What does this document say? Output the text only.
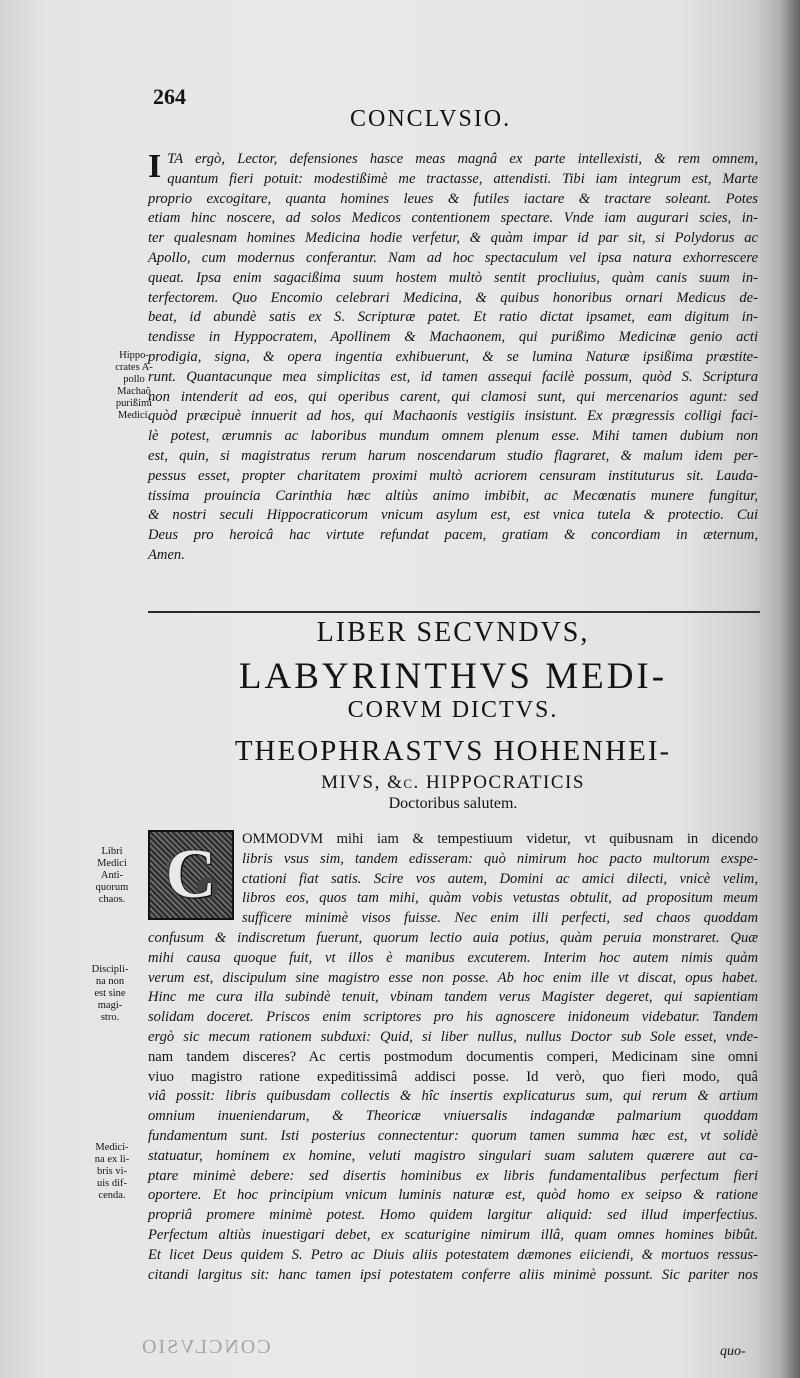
264
CONCLVSIO.
I TA ergò, Lector, defensiones hasce meas magnâ ex parte intellexisti, & rem omnem,
quantum fieri potuit: modestißimè me tractasse, attendisti. Tibi iam integrum est, Marte
proprio excogitare, quanta homines leues & futiles iactare & tractare soleant. Potes
etiam hinc noscere, ad solos Medicos contentionem spectare. Vnde iam augurari scies, in-
ter qualesnam homines Medicina hodie verfetur, & quàm impar id par sit, si Polydorus ac
Apollo, cum modernus conferantur. Nam ad hoc spectaculum vel ipsa natura exhorrescere
queat. Ipsa enim sagacißima suum hostem multò sentit procliuius, quàm canis suum in-
terfectorem. Quo Encomio celebrari Medicina, & quibus honoribus ornari Medicus de-
beat, id abundè satis ex S. Scripturæ patet. Et ratio dictat ipsamet, eam digitum in-
tendisse in Hyppocratem, Apollinem & Machaonem, qui purißimo Medicinæ genio acti
prodigia, signa, & opera ingentia exhibuerunt, & se lumina Naturæ ipsißima præstite-
runt. Quantacunque mea simplicitas est, id tamen assequi facilè possum, quòd S. Scriptura
non intenderit ad eos, qui operibus carent, qui clamosi sunt, qui mercenarios agunt: sed
quòd præcipuè innuerit ad hos, qui Machaonis vestigiis insistunt. Ex prægressis colligi faci-
lè potest, ærumnis ac laboribus mundum omnem plenum esse. Mihi tamen dubium non
est, quin, si magistratus rerum harum noscendarum studio flagraret, & malum idem per-
pessus esset, propter charitatem proximi multò acriorem censuram instituturus sit. Lauda-
tissima prouincia Carinthia hæc altiùs animo imbibit, ac Mecœnatis munere fungitur,
& nostri seculi Hippocraticorum vnicum asylum est, est vnica tutela & protectio. Cui
Deus pro heroicâ hac virtute refundat pacem, gratiam & concordiam in æternum,
Amen.
Hippo-
crates A-
pollo
Machaõ
purißimi
Medici.
LIBER SECVNDVS,
LABYRINTHVS MEDI-
CORVM DICTVS.
THEOPHRASTVS HOHENHEI-
MIVS, &c. HIPPOCRATICIS
Doctoribus salutem.
C	OMMODVM mihi iam & tempestiuum videtur, vt quibusnam in dicendo
libris vsus sim, tandem edisseram: quò nimirum hoc pacto multorum exspe-
ctationi fiat satis. Scire vos autem, Domini ac amici dilecti, vnicè velim,
libros eos, quos tam mihi, quàm vobis vetustas obtulit, ad propositum meum
sufficere minimè visos fuisse. Nec enim illi perfecti, sed chaos quoddam
confusum & indiscretum fuerunt, quorum lectio auia potius, quàm peruia monstraret. Quæ
mihi causa quoque fuit, vt illos è manibus excuterem. Interim hoc autem nimis quàm
verum est, discipulum sine magistro esse non posse. Ab hoc enim ille vt discat, opus habet.
Hinc me cura illa subindè tenuit, vbinam tandem verus Magister degeret, qui sapientiam
solidam doceret. Priscos enim scriptores pro his agnoscere inidoneum videbatur. Tandem
ergò sic mecum rationem subduxi: Quid, si liber nullus, nullus Doctor sub Sole esset, vnde-
nam tandem disceres? Ac certis postmodum documentis comperi, Medicinam sine omni
viuo magistro ratione expeditissimâ addisci posse. Id verò, quo fieri modo, quâ
viâ possit: libris quibusdam collectis & hîc insertis explicaturus sum, qui rerum & artium
omnium inueniendarum, & Theoricæ vniuersalis indagandæ palmarium quoddam
fundamentum sunt. Isti posterius connectentur: quorum tamen summa hæc est, vt solidè
statuatur, hominem ex homine, veluti magistro singulari suam salutem quærere aut ca-
ptare minimè debere: sed disertis hominibus ex libris fundamentalibus perfectum fieri
oportere. Et hoc principium vnicum luminis naturæ est, quòd homo ex seipso & ratione
propriâ promere minimè potest. Homo quidem largitur aliquid: sed illud imperfectius.
Perfectum altiùs inuestigari debet, ex scaturigine nimirum illâ, quam omnes homines bibût.
Et licet Deus quidem S. Petro ac Diuis aliis potestatem dæmones eiiciendi, & mortuos ressus-
citandi largitus sit: hanc tamen ipsi potestatem conferre aliis minimè possunt. Sic pariter nos
Libri
Medici
Anti-
quorum
chaos.
Discipli-
na non
est sine
magi-
stro.
Medici-
na ex li-
bris vi-
uis dif-
cenda.
CONCLVSIO	quo-
